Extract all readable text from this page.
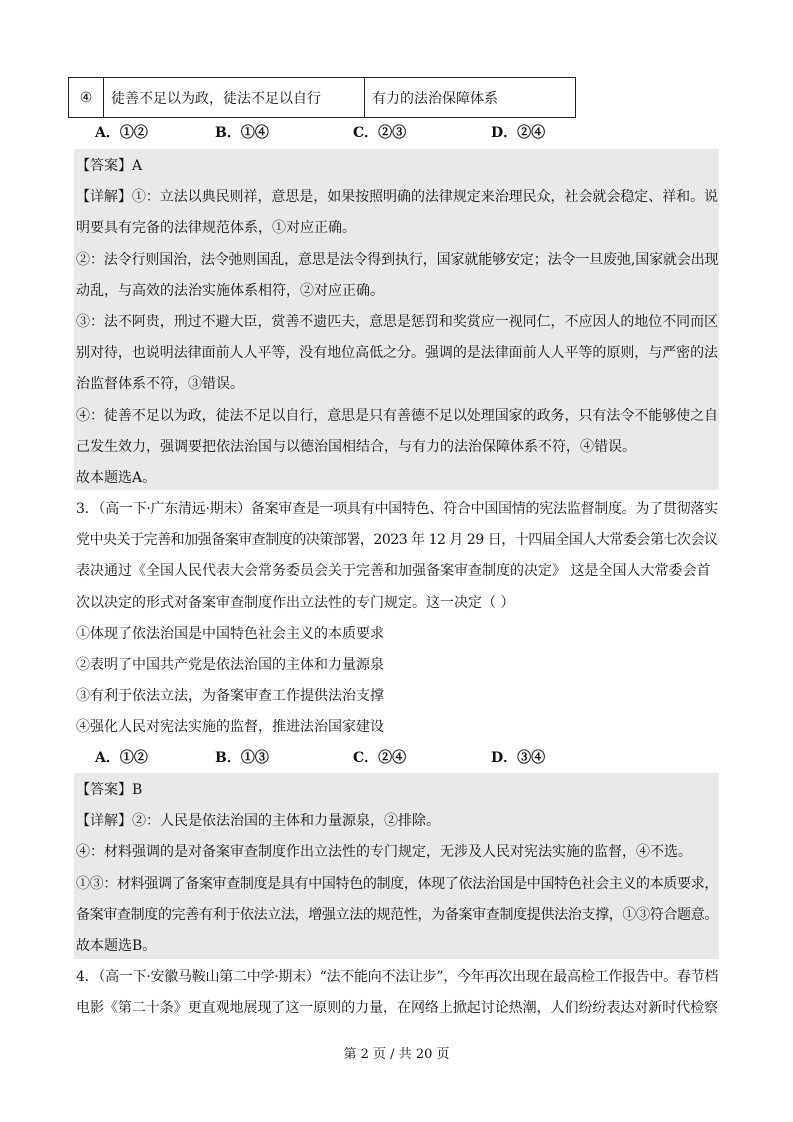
④	徒善不足以为政，徒法不足以自行	有力的法治保障体系
A．①②	B．①④	C．②③	D．②④
【答案】A
【详解】①：立法以典民则祥，意思是，如果按照明确的法律规定来治理民众，社会就会稳定、祥和。说
明要具有完备的法律规范体系，①对应正确。
②：法令行则国治，法令弛则国乱，意思是法令得到执行，国家就能够安定；法令一旦废弛,国家就会出现
动乱，与高效的法治实施体系相符，②对应正确。
③：法不阿贵，刑过不避大臣，赏善不遗匹夫，意思是惩罚和奖赏应一视同仁，不应因人的地位不同而区
别对待，也说明法律面前人人平等，没有地位高低之分。强调的是法律面前人人平等的原则，与严密的法
治监督体系不符，③错误。
④：徒善不足以为政，徒法不足以自行，意思是只有善德不足以处理国家的政务，只有法令不能够使之自
己发生效力，强调要把依法治国与以德治国相结合，与有力的法治保障体系不符，④错误。
故本题选A。
3．（高一下·广东清远·期末）备案审查是一项具有中国特色、符合中国国情的宪法监督制度。为了贯彻落实
党中央关于完善和加强备案审查制度的决策部署，2023 年 12 月 29 日，十四届全国人大常委会第七次会议
表决通过《全国人民代表大会常务委员会关于完善和加强备案审查制度的决定》 这是全国人大常委会首
次以决定的形式对备案审查制度作出立法性的专门规定。这一决定（ ）
①体现了依法治国是中国特色社会主义的本质要求
②表明了中国共产党是依法治国的主体和力量源泉
③有利于依法立法，为备案审查工作提供法治支撑
④强化人民对宪法实施的监督，推进法治国家建设
A．①②	B．①③	C．②④	D．③④
【答案】B
【详解】②：人民是依法治国的主体和力量源泉，②排除。
④：材料强调的是对备案审查制度作出立法性的专门规定，无涉及人民对宪法实施的监督，④不选。
①③：材料强调了备案审查制度是具有中国特色的制度，体现了依法治国是中国特色社会主义的本质要求，
备案审查制度的完善有利于依法立法，增强立法的规范性，为备案审查制度提供法治支撑，①③符合题意。
故本题选B。
4．（高一下·安徽马鞍山第二中学·期末）“法不能向不法让步”，今年再次出现在最高检工作报告中。春节档
电影《第二十条》更直观地展现了这一原则的力量，在网络上掀起讨论热潮，人们纷纷表达对新时代检察
第 2 页 / 共 20 页
